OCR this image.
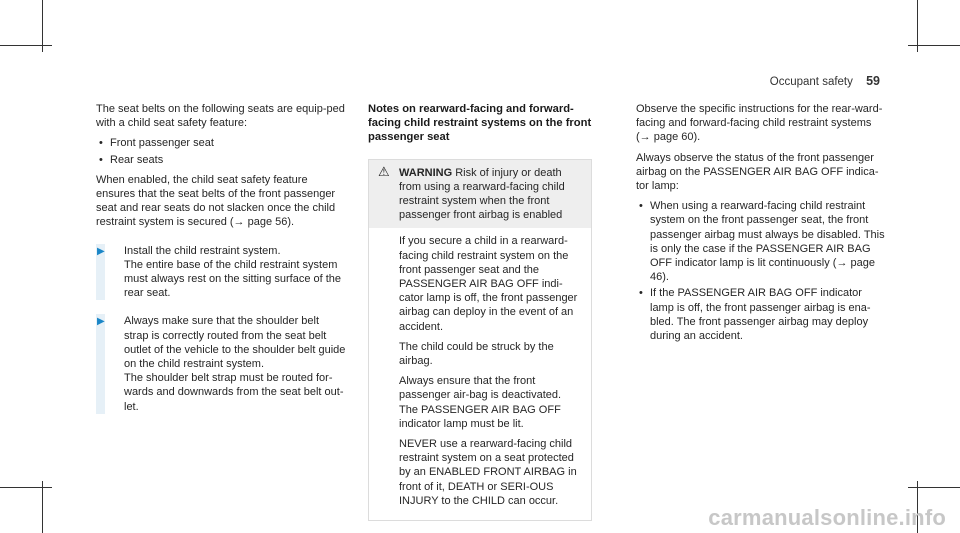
Occupant safety 59

The seat belts on the following seats are equip-ped with a child seat safety feature:

• Front passenger seat
• Rear seats

When enabled, the child seat safety feature ensures that the seat belts of the front passenger seat and rear seats do not slacken once the child restraint system is secured (→ page 56).

▶ Install the child restraint system.

The entire base of the child restraint system must always rest on the sitting surface of the rear seat.

▶ Always make sure that the shoulder belt strap is correctly routed from the seat belt outlet of the vehicle to the shoulder belt guide on the child restraint system.

The shoulder belt strap must be routed for-wards and downwards from the seat belt out-let.

Notes on rearward-facing and forward-facing child restraint systems on the front passenger seat
⚠ WARNING Risk of injury or death from using a rearward-facing child restraint system when the front passenger front airbag is enabled

If you secure a child in a rearward-facing child restraint system on the front passenger seat and the PASSENGER AIR BAG OFF indi-cator lamp is off, the front passenger airbag can deploy in the event of an accident.

The child could be struck by the airbag.

Always ensure that the front passenger air-bag is deactivated. The PASSENGER AIR BAG OFF indicator lamp must be lit.

NEVER use a rearward-facing child restraint system on a seat protected by an ENABLED FRONT AIRBAG in front of it, DEATH or SERI-OUS INJURY to the CHILD can occur.

Observe the specific instructions for the rear-ward-facing and forward-facing child restraint systems (→ page 60).

Always observe the status of the front passenger airbag on the PASSENGER AIR BAG OFF indica-tor lamp:

• When using a rearward-facing child restraint system on the front passenger seat, the front passenger airbag must always be disabled. This is only the case if the PASSENGER AIR BAG OFF indicator lamp is lit continuously (→ page 46).
• If the PASSENGER AIR BAG OFF indicator lamp is off, the front passenger airbag is ena-bled. The front passenger airbag may deploy during an accident.
carmanualsonline.info
